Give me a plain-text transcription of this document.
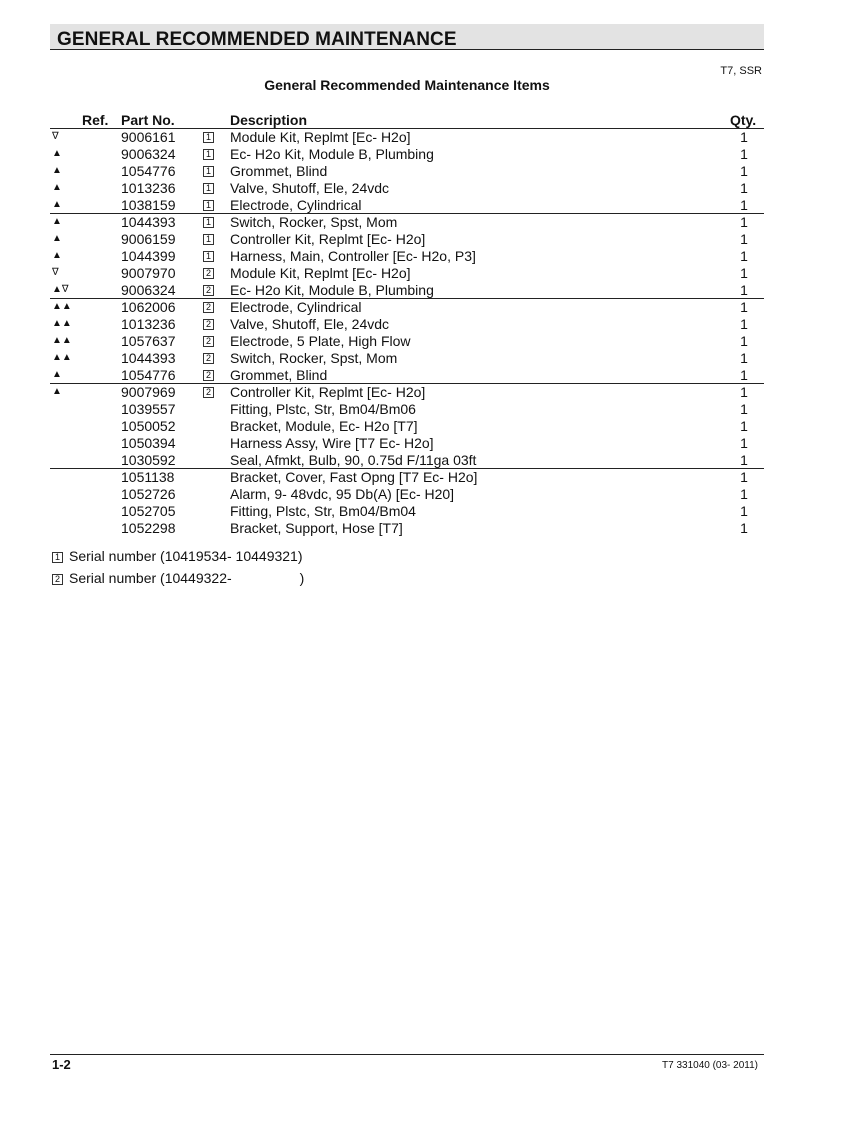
GENERAL RECOMMENDED MAINTENANCE
T7, SSR
General Recommended Maintenance Items
Ref. Part No.	Description	Qty.
∇	9006161	1 Module Kit, Replmt [Ec- H2o]	1
▲	9006324	1 Ec- H2o Kit, Module B, Plumbing	1
▲	1054776	1 Grommet, Blind	1
▲	1013236	1 Valve, Shutoff, Ele, 24vdc	1
▲	1038159	1 Electrode, Cylindrical	1
▲	1044393	1 Switch, Rocker, Spst, Mom	1
▲	9006159	1 Controller Kit, Replmt [Ec- H2o]	1
▲	1044399	1 Harness, Main, Controller [Ec- H2o, P3]	1
∇	9007970	2 Module Kit, Replmt [Ec- H2o]	1
▲∇	9006324	2 Ec- H2o Kit, Module B, Plumbing	1
▲▲	1062006	2 Electrode, Cylindrical	1
▲▲	1013236	2 Valve, Shutoff, Ele, 24vdc	1
▲▲	1057637	2 Electrode, 5 Plate, High Flow	1
▲▲	1044393	2 Switch, Rocker, Spst, Mom	1
▲	1054776	2 Grommet, Blind	1
▲	9007969	2 Controller Kit, Replmt [Ec- H2o]	1
1039557	Fitting, Plstc, Str, Bm04/Bm06	1
1050052	Bracket, Module, Ec- H2o [T7]	1
1050394	Harness Assy, Wire [T7 Ec- H2o]	1
1030592	Seal, Afmkt, Bulb, 90, 0.75d F/11ga 03ft	1
1051138	Bracket, Cover, Fast Opng [T7 Ec- H2o]	1
1052726	Alarm, 9- 48vdc, 95 Db(A) [Ec- H20]	1
1052705	Fitting, Plstc, Str, Bm04/Bm04	1
1052298	Bracket, Support, Hose [T7]	1
1 Serial number (10419534- 10449321)
2 Serial number (10449322-	)
1-2	T7 331040 (03- 2011)
